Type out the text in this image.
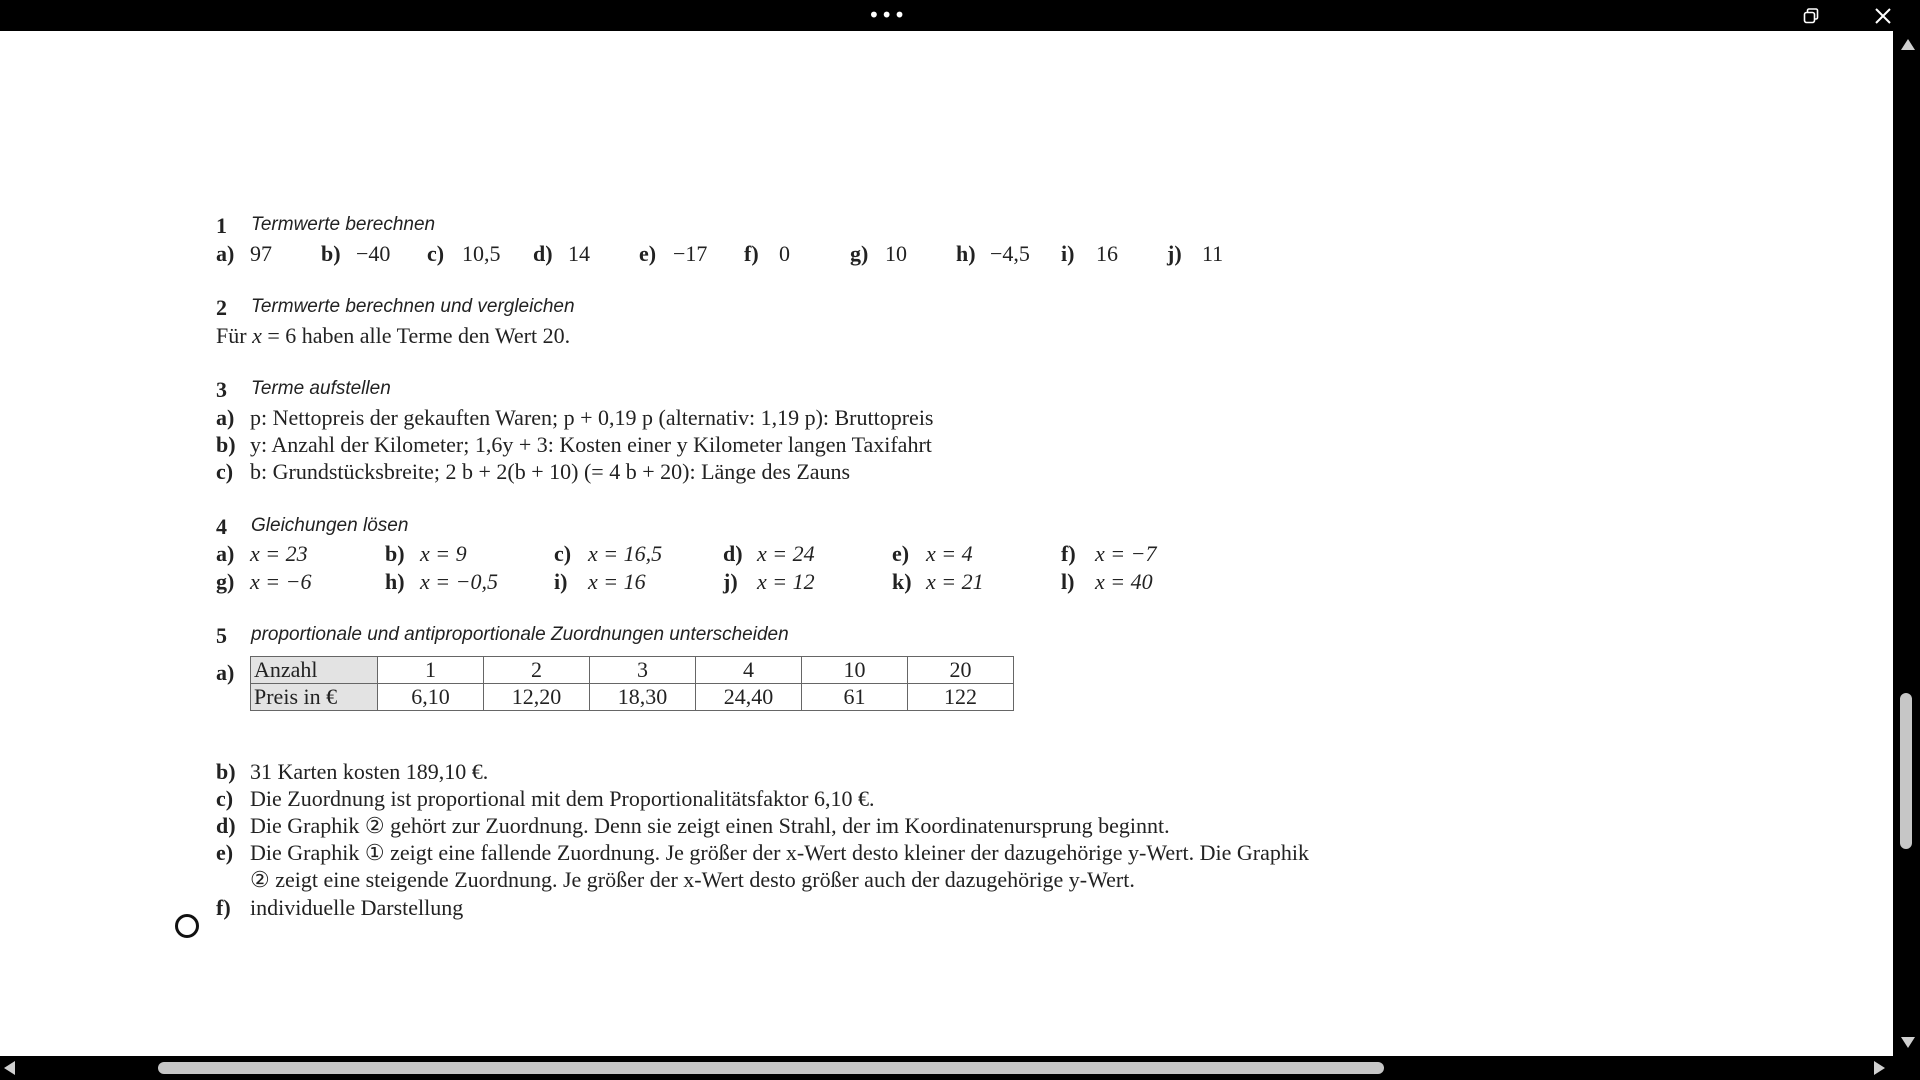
•••
1 Termwerte berechnen
a) 97 b) −40 c) 10,5 d) 14 e) −17 f) 0	g) 10 h) −4,5 i) 16 j) 11
2 Termwerte berechnen und vergleichen
Für x = 6 haben alle Terme den Wert 20.
3 Terme aufstellen
a) p: Nettopreis der gekauften Waren; p + 0,19 p (alternativ: 1,19 p): Bruttopreis
b) y: Anzahl der Kilometer; 1,6y + 3: Kosten einer y Kilometer langen Taxifahrt
c) b: Grundstücksbreite; 2 b + 2(b + 10) (= 4 b + 20): Länge des Zauns
4 Gleichungen lösen
a) x = 23	b) x = 9	c) x = 16,5	d) x = 24	e) x = 4	f) x = −7
g) x = −6	h) x = −0,5	i) x = 16	j) x = 12	k) x = 21	l) x = 40
5 proportionale und antiproportionale Zuordnungen unterscheiden
a) Anzahl	1	2	3	4	10	20
Preis in €	6,10	12,20	18,30	24,40	61	122
b) 31 Karten kosten 189,10 €.
c) Die Zuordnung ist proportional mit dem Proportionalitätsfaktor 6,10 €.
d) Die Graphik ② gehört zur Zuordnung. Denn sie zeigt einen Strahl, der im Koordinatenursprung beginnt.
e) Die Graphik ① zeigt eine fallende Zuordnung. Je größer der x-Wert desto kleiner der dazugehörige y-Wert. Die Graphik
② zeigt eine steigende Zuordnung. Je größer der x-Wert desto größer auch der dazugehörige y-Wert.
f) individuelle Darstellung
